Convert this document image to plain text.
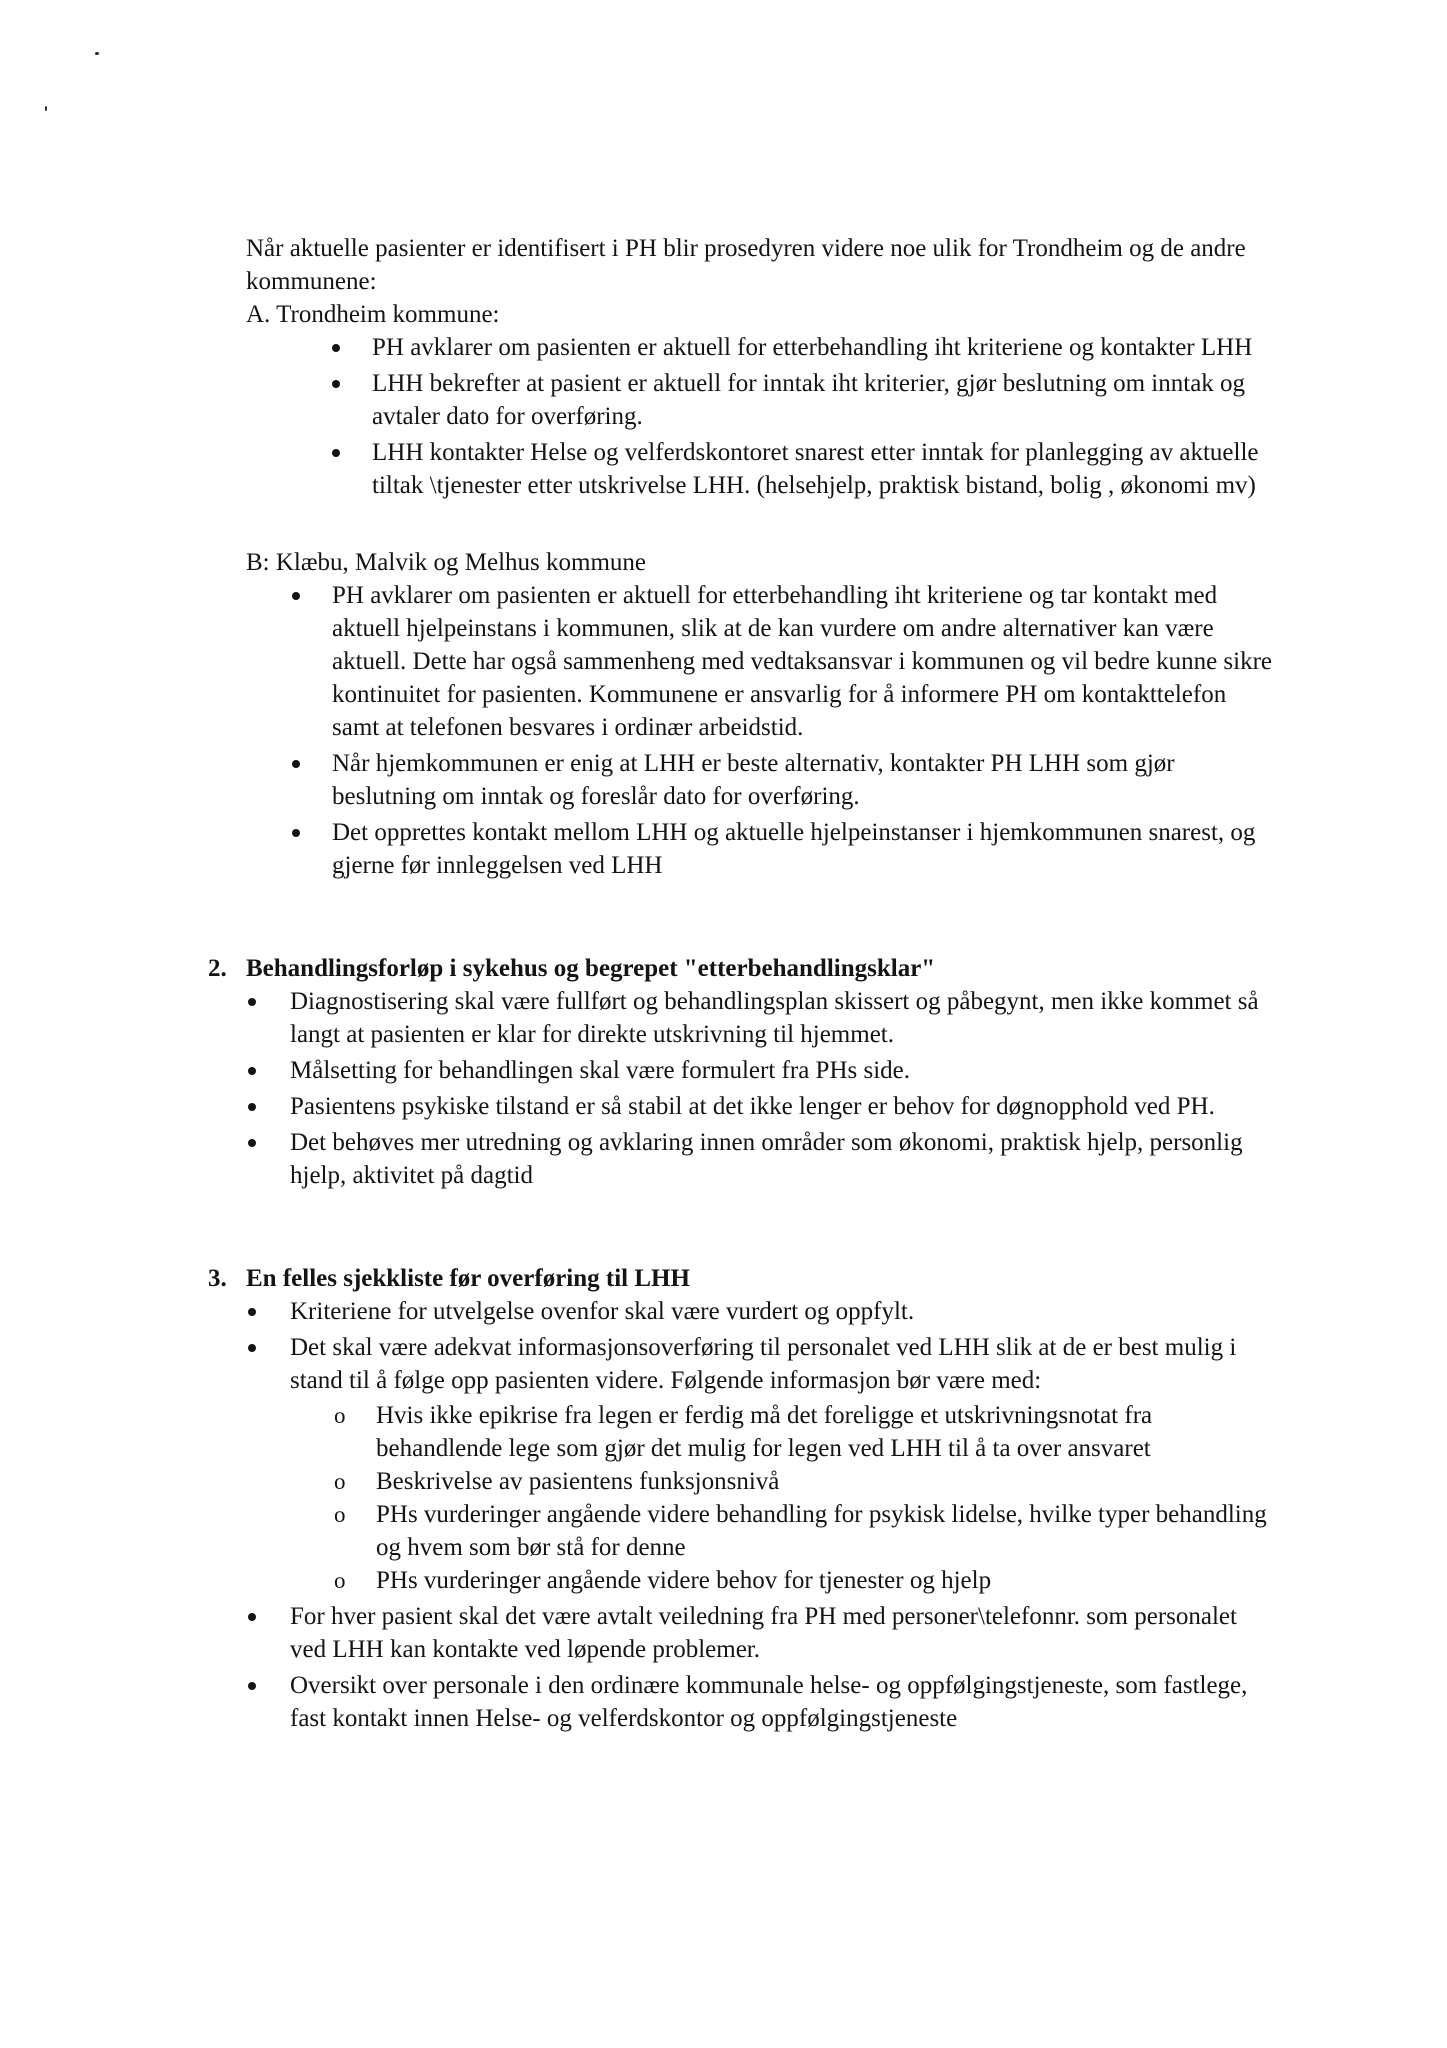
Når aktuelle pasienter er identifisert i PH blir prosedyren videre noe ulik for Trondheim og de andre kommunene:

A. Trondheim kommune:

PH avklarer om pasienten er aktuell for etterbehandling iht kriteriene og kontakter LHH
LHH bekrefter at pasient er aktuell for inntak iht kriterier, gjør beslutning om inntak og avtaler dato for overføring.
LHH kontakter Helse og velferdskontoret snarest etter inntak for planlegging av aktuelle tiltak \tjenester etter utskrivelse LHH. (helsehjelp, praktisk bistand, bolig , økonomi mv)

B: Klæbu, Malvik og Melhus kommune

PH avklarer om pasienten er aktuell for etterbehandling iht kriteriene og tar kontakt med aktuell hjelpeinstans i kommunen, slik at de kan vurdere om andre alternativer kan være aktuell. Dette har også sammenheng med vedtaksansvar i kommunen og vil bedre kunne sikre kontinuitet for pasienten. Kommunene er ansvarlig for å informere PH om kontakttelefon samt at telefonen besvares i ordinær arbeidstid.
Når hjemkommunen er enig at LHH er beste alternativ, kontakter PH LHH som gjør beslutning om inntak og foreslår dato for overføring.
Det opprettes kontakt mellom LHH og aktuelle hjelpeinstanser i hjemkommunen snarest, og gjerne før innleggelsen ved LHH
2. Behandlingsforløp i sykehus og begrepet "etterbehandlingsklar"
Diagnostisering skal være fullført og behandlingsplan skissert og påbegynt, men ikke kommet så langt at pasienten er klar for direkte utskrivning til hjemmet.
Målsetting for behandlingen skal være formulert fra PHs side.
Pasientens psykiske tilstand er så stabil at det ikke lenger er behov for døgnopphold ved PH.
Det behøves mer utredning og avklaring innen områder som økonomi, praktisk hjelp, personlig hjelp, aktivitet på dagtid
3. En felles sjekkliste før overføring til LHH
Kriteriene for utvelgelse ovenfor skal være vurdert og oppfylt.
Det skal være adekvat informasjonsoverføring til personalet ved LHH slik at de er best mulig i stand til å følge opp pasienten videre. Følgende informasjon bør være med:
o Hvis ikke epikrise fra legen er ferdig må det foreligge et utskrivningsnotat fra behandlende lege som gjør det mulig for legen ved LHH til å ta over ansvaret
o Beskrivelse av pasientens funksjonsnivå
o PHs vurderinger angående videre behandling for psykisk lidelse, hvilke typer behandling og hvem som bør stå for denne
o PHs vurderinger angående videre behov for tjenester og hjelp
For hver pasient skal det være avtalt veiledning fra PH med personer\telefonnr. som personalet ved LHH kan kontakte ved løpende problemer.
Oversikt over personale i den ordinære kommunale helse- og oppfølgingstjeneste, som fastlege, fast kontakt innen Helse- og velferdskontor og oppfølgingstjeneste
